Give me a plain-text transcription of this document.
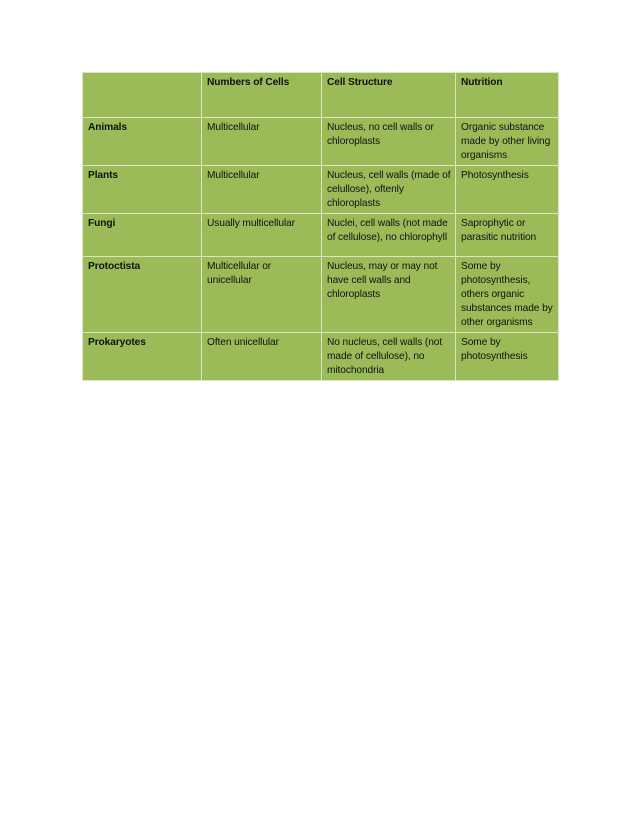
	Numbers of Cells	Cell Structure	Nutrition
Animals	Multicellular	Nucleus, no cell walls or chloroplasts	Organic substance made by other living organisms
Plants	Multicellular	Nucleus, cell walls (made of celullose), oftenly chloroplasts	Photosynthesis
Fungi	Usually multicellular	Nuclei, cell walls (not made of cellulose), no chlorophyll	Saprophytic or parasitic nutrition
Protoctista	Multicellular or unicellular	Nucleus, may or may not have cell walls and chloroplasts	Some by photosynthesis, others organic substances made by other organisms
Prokaryotes	Often unicellular	No nucleus, cell walls (not made of cellulose), no mitochondria	Some by photosynthesis
